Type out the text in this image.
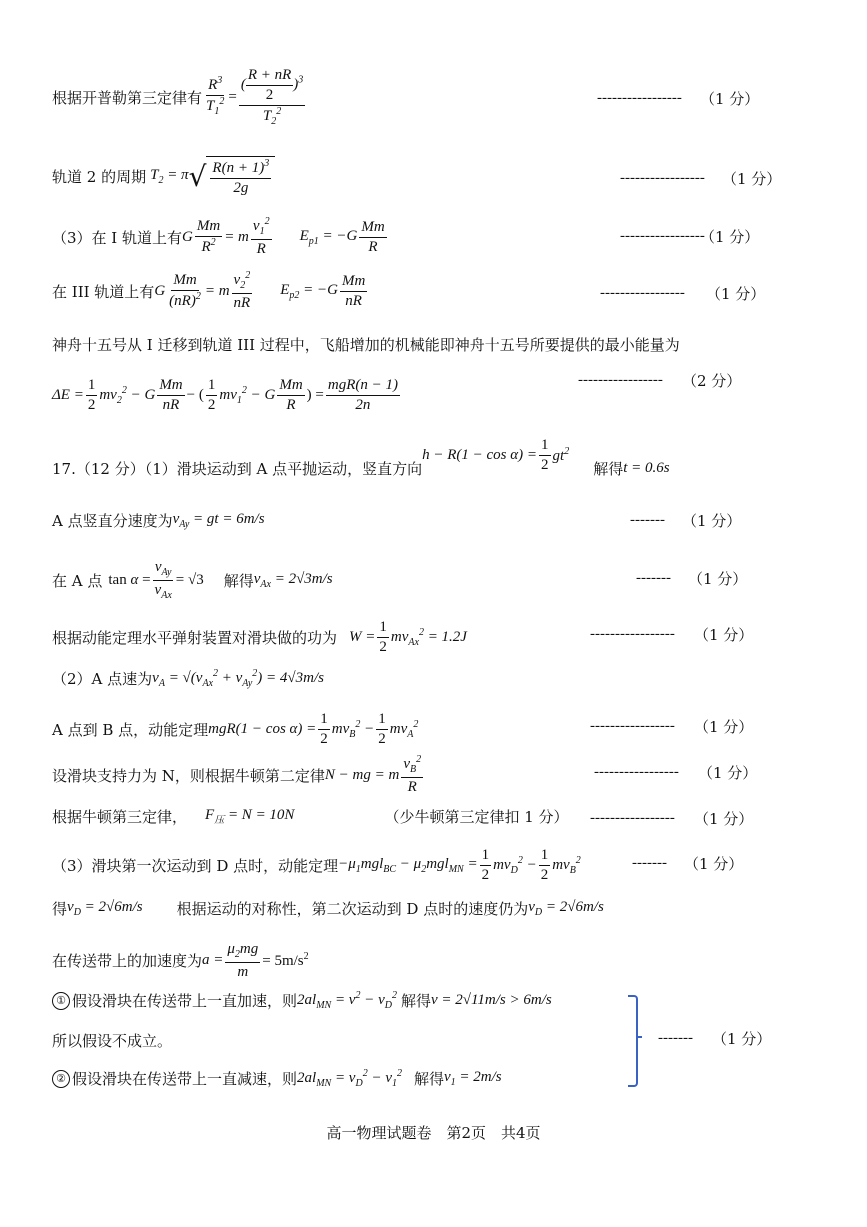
根据开普勒第三定律有 $\frac{R^3}{T_1^2} = \frac{( \frac{R + nR}{2} )^3}{T_2^2}$	----------------- （1 分）
轨道 2 的周期 $T_2 = \pi$ √ $\frac{R(n + 1)^3}{2g}$	----------------- （1 分）
（3）在 I 轨道上有 G $\frac{Mm}{R^2} = m \frac{v_1^2}{R} E_{p1} = -G \frac{Mm}{R}$	-----------------
（1 分）
在 III 轨道上有 G $\frac{Mm}{(nR)^2} = m \frac{v_2^2}{nR} E_{p2} = -G \frac{Mm}{nR}$	----------------- （1 分）
神舟十五号从 I 迁移到轨道 III 过程中，飞船增加的机械能即神舟十五号所要提供的最小能量为
$\Delta E = \frac{1}{2} mv_2^2 - G \frac{Mm}{nR}$ − ( $\frac{1}{2} mv_1^2 - G \frac{Mm}{R}$ ) = $\frac{\text{mgR(n − 1)}}{2n}$	----------------- （2 分）
17.（12 分）（1）滑块运动到 A 点平抛运动，竖直方向
$h - R(1 - \cos \alpha) = \frac{1}{2} gt^2$
解得 t = 0.6s
A 点竖直分速度为 $v_{Ay}$ = gt = 6m/s	------- （1 分）
在 A 点 $\tan \alpha = \frac{v_{Ay}}{v_{Ax}} = √3$ 解得 $v_{Ax} = 2√3m/s$	------- （1 分）
根据动能定理水平弹射装置对滑块做的功为 $W = \frac{1}{2} mv_{Ax}^2 = 1.2J$	----------------- （1 分）
（2）A 点速为 $v_A = √(v_{Ax}^2 + v_{Ay}^2) = 4√3m/s$
A 点到 B 点，动能定理 $mgR(1 - \cos \alpha) = \frac{1}{2} mv_B^2 - \frac{1}{2} mv_A^2$	----------------- （1 分）
设滑块支持力为 N，则根据牛顿第二定律 N − mg = m $\frac{v_B^2}{R}$	----------------- （1 分）
根据牛顿第三定律， $F_压 = N = 10N$	（少牛顿第三定律扣 1 分） ----------------- （1 分）
（3）滑块第一次运动到 D 点时，动能定理 $-\mu_1mgl_{BC} - \mu_2mgl_{MN} = \frac{1}{2} mv_D^2 - \frac{1}{2} mv_B^2$	------- （1 分）
得 $v_D = 2√6m/s$ 根据运动的对称性，第二次运动到 D 点时的速度仍为 $v_D = 2√6m/s$
在传送带上的加速度为 $a = \frac{\mu_2mg}{m} = 5m/s^2$
① 假设滑块在传送带上一直加速，则 $2al_{MN} = v^2 - v_D^2$ 解得 v = 2√11m/s > 6m/s
所以假设不成立。
② 假设滑块在传送带上一直减速，则 $2al_{MN} = v_D^2 - v_1^2$ 解得 $v_1 = 2m/s$
------- （1 分）
高一物理试题卷　第2页　共4页
